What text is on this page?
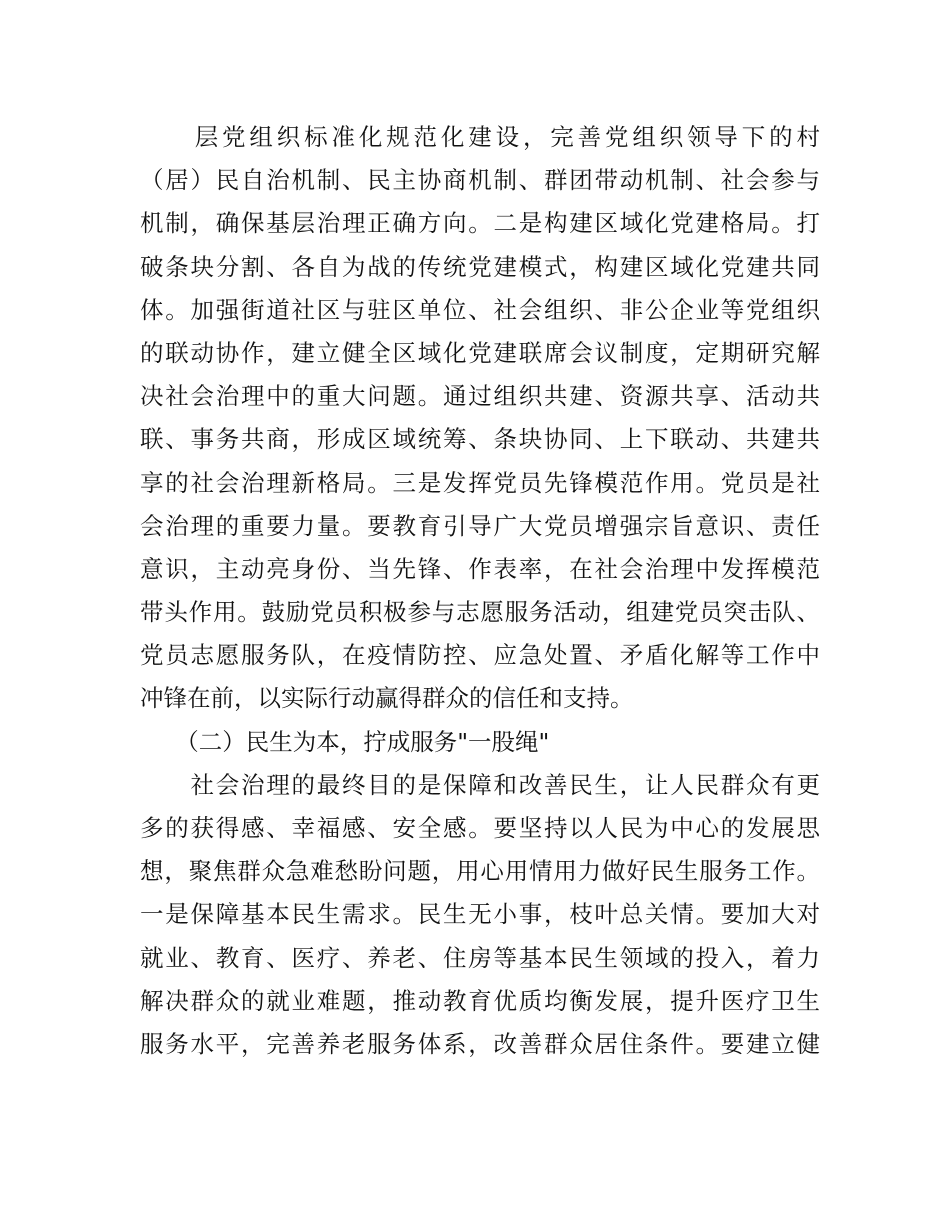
　　层党组织标准化规范化建设，完善党组织领导下的村
（居）民自治机制、民主协商机制、群团带动机制、社会参与
机制，确保基层治理正确方向。二是构建区域化党建格局。打
破条块分割、各自为战的传统党建模式，构建区域化党建共同
体。加强街道社区与驻区单位、社会组织、非公企业等党组织
的联动协作，建立健全区域化党建联席会议制度，定期研究解
决社会治理中的重大问题。通过组织共建、资源共享、活动共
联、事务共商，形成区域统筹、条块协同、上下联动、共建共
享的社会治理新格局。三是发挥党员先锋模范作用。党员是社
会治理的重要力量。要教育引导广大党员增强宗旨意识、责任
意识，主动亮身份、当先锋、作表率，在社会治理中发挥模范
带头作用。鼓励党员积极参与志愿服务活动，组建党员突击队、
党员志愿服务队，在疫情防控、应急处置、矛盾化解等工作中
冲锋在前，以实际行动赢得群众的信任和支持。
　　（二）民生为本，拧成服务"一股绳"
　　社会治理的最终目的是保障和改善民生，让人民群众有更
多的获得感、幸福感、安全感。要坚持以人民为中心的发展思
想，聚焦群众急难愁盼问题，用心用情用力做好民生服务工作。
一是保障基本民生需求。民生无小事，枝叶总关情。要加大对
就业、教育、医疗、养老、住房等基本民生领域的投入，着力
解决群众的就业难题，推动教育优质均衡发展，提升医疗卫生
服务水平，完善养老服务体系，改善群众居住条件。要建立健
